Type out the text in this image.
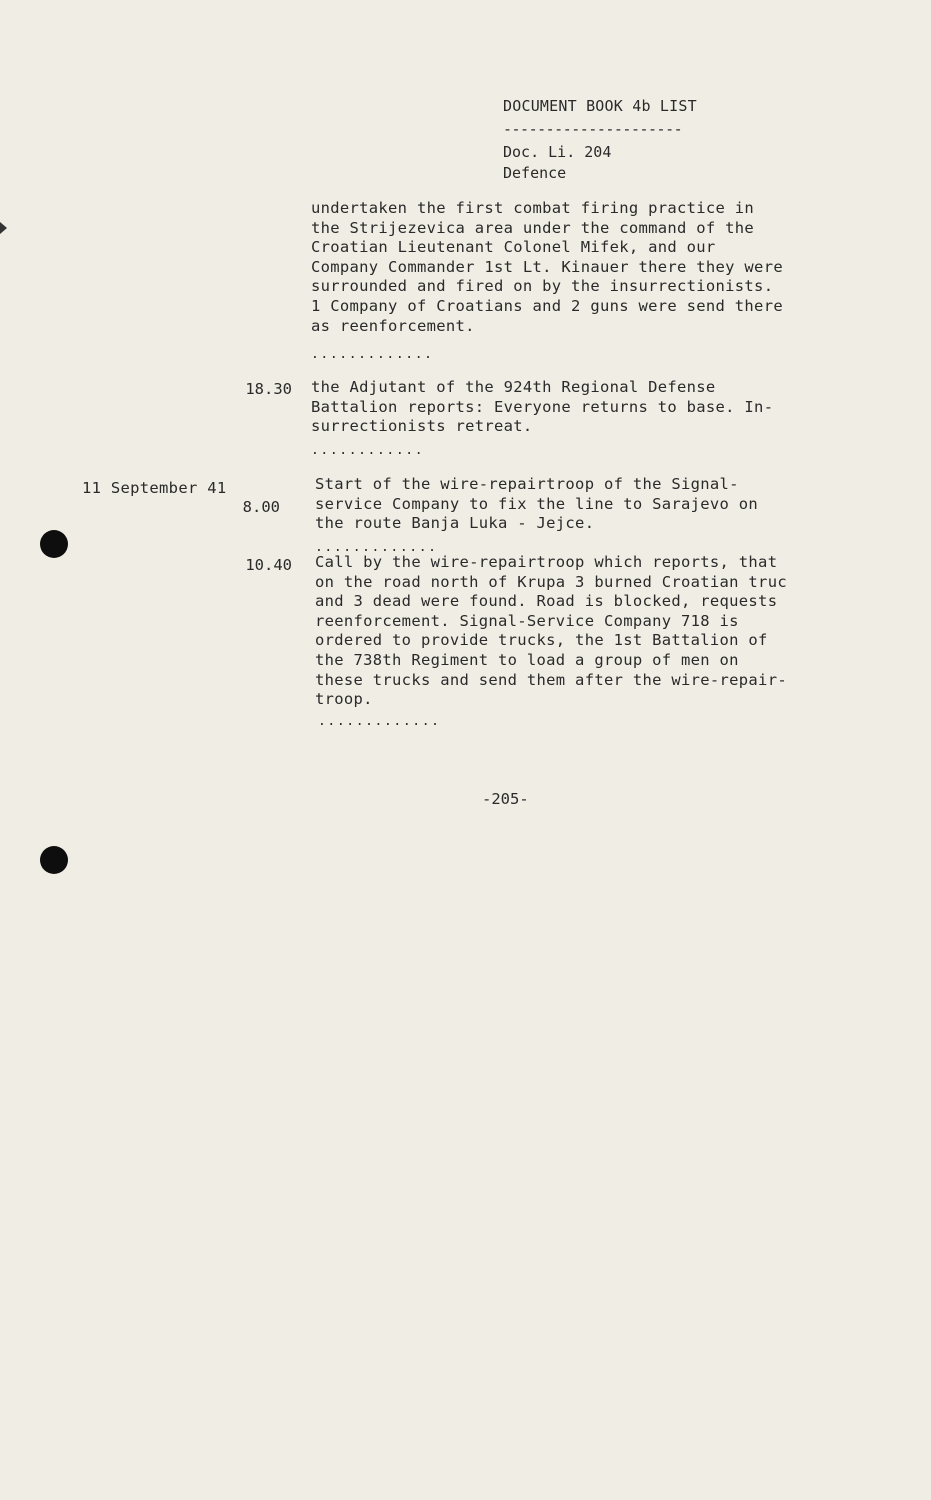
DOCUMENT BOOK 4b LIST
---------------------
Doc. Li. 204
Defence
undertaken the first combat firing practice in
the Strijezevica area under the command of the
Croatian Lieutenant Colonel Mifek, and our
Company Commander 1st Lt. Kinauer there they were
surrounded and fired on by the insurrectionists.
1 Company of Croatians and 2 guns were send there
as reenforcement.
.............
18.30 the Adjutant of the 924th Regional Defense
Battalion reports: Everyone returns to base. In-
surrectionists retreat.
............
11 September 41
8.00
Start of the wire-repairtroop of the Signal-
service Company to fix the line to Sarajevo on
the route Banja Luka - Jejce.
.............
10.40 Call by the wire-repairtroop which reports, that
on the road north of Krupa 3 burned Croatian truc
and 3 dead were found. Road is blocked, requests
reenforcement. Signal-Service Company 718 is
ordered to provide trucks, the 1st Battalion of
the 738th Regiment to load a group of men on
these trucks and send them after the wire-repair-
troop.
.............
-205-
